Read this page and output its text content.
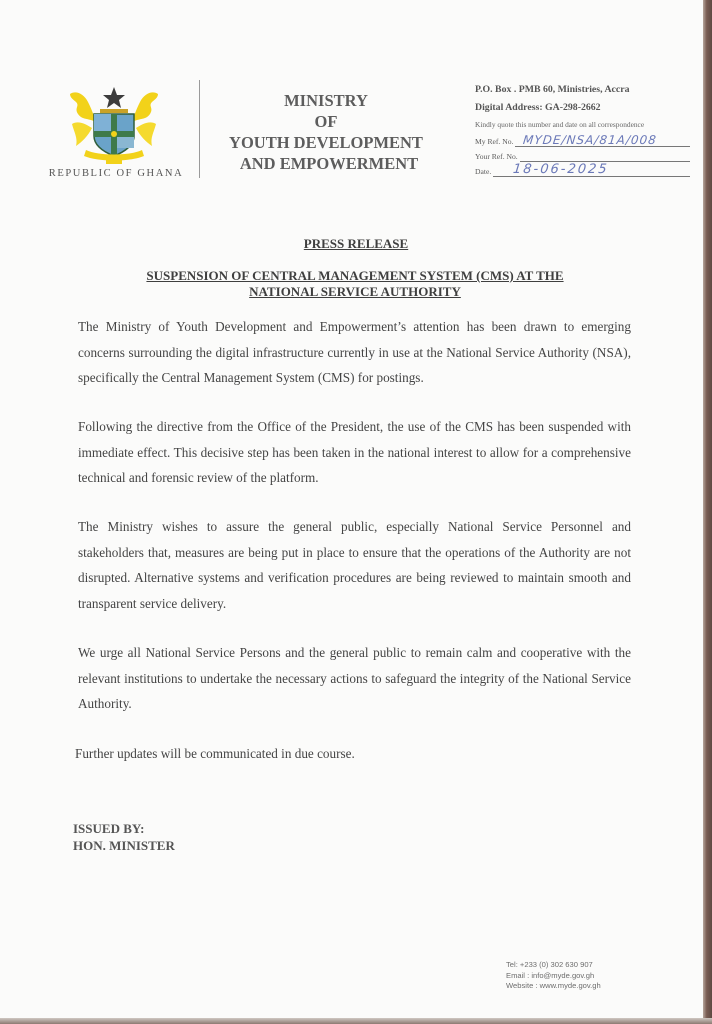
REPUBLIC OF GHANA
MINISTRY
OF
YOUTH DEVELOPMENT
AND EMPOWERMENT
P.O. Box . PMB 60, Ministries, Accra
Digital Address: GA-298-2662
Kindly quote this number and date on all correspondence
My Ref. No. MYDE/NSA/81A/008
Your Ref. No.
Date. 18-06-2025
PRESS RELEASE
SUSPENSION OF CENTRAL MANAGEMENT SYSTEM (CMS) AT THE
NATIONAL SERVICE AUTHORITY

The Ministry of Youth Development and Empowerment’s attention has been drawn to emerging concerns surrounding the digital infrastructure currently in use at the National Service Authority (NSA), specifically the Central Management System (CMS) for postings.

Following the directive from the Office of the President, the use of the CMS has been suspended with immediate effect. This decisive step has been taken in the national interest to allow for a comprehensive technical and forensic review of the platform.

The Ministry wishes to assure the general public, especially National Service Personnel and stakeholders that, measures are being put in place to ensure that the operations of the Authority are not disrupted. Alternative systems and verification procedures are being reviewed to maintain smooth and transparent service delivery.

We urge all National Service Persons and the general public to remain calm and cooperative with the relevant institutions to undertake the necessary actions to safeguard the integrity of the National Service Authority.

Further updates will be communicated in due course.

ISSUED BY:
HON. MINISTER
Tel: +233 (0) 302 630 907
Email : info@myde.gov.gh
Website : www.myde.gov.gh
